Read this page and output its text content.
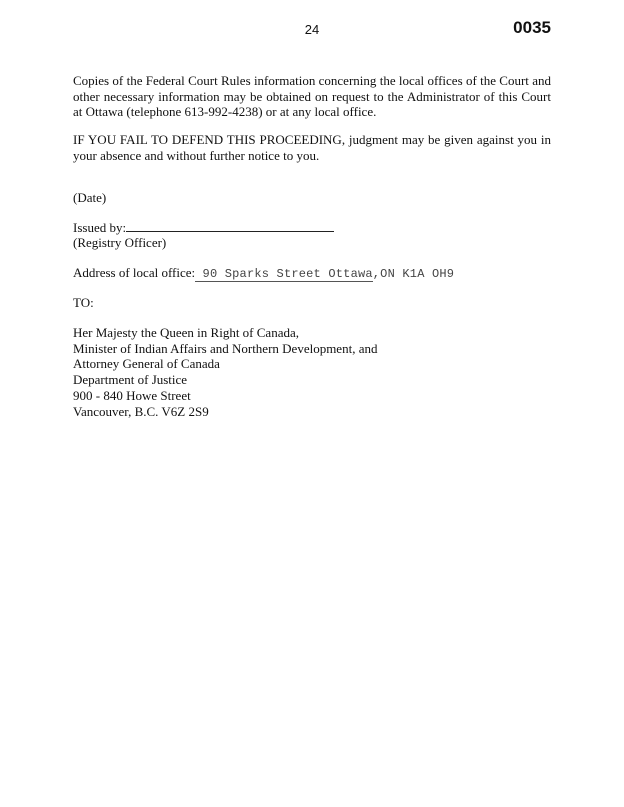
24	0035

Copies of the Federal Court Rules information concerning the local offices of the Court and other necessary information may be obtained on request to the Administrator of this Court at Ottawa (telephone 613-992-4238) or at any local office.

IF YOU FAIL TO DEFEND THIS PROCEEDING, judgment may be given against you in your absence and without further notice to you.

(Date)
Issued by:
(Registry Officer)
Address of local office: 90 Sparks Street Ottawa,ON K1A OH9
TO:
Her Majesty the Queen in Right of Canada,
Minister of Indian Affairs and Northern Development, and
Attorney General of Canada
Department of Justice
900 - 840 Howe Street
Vancouver, B.C. V6Z 2S9
